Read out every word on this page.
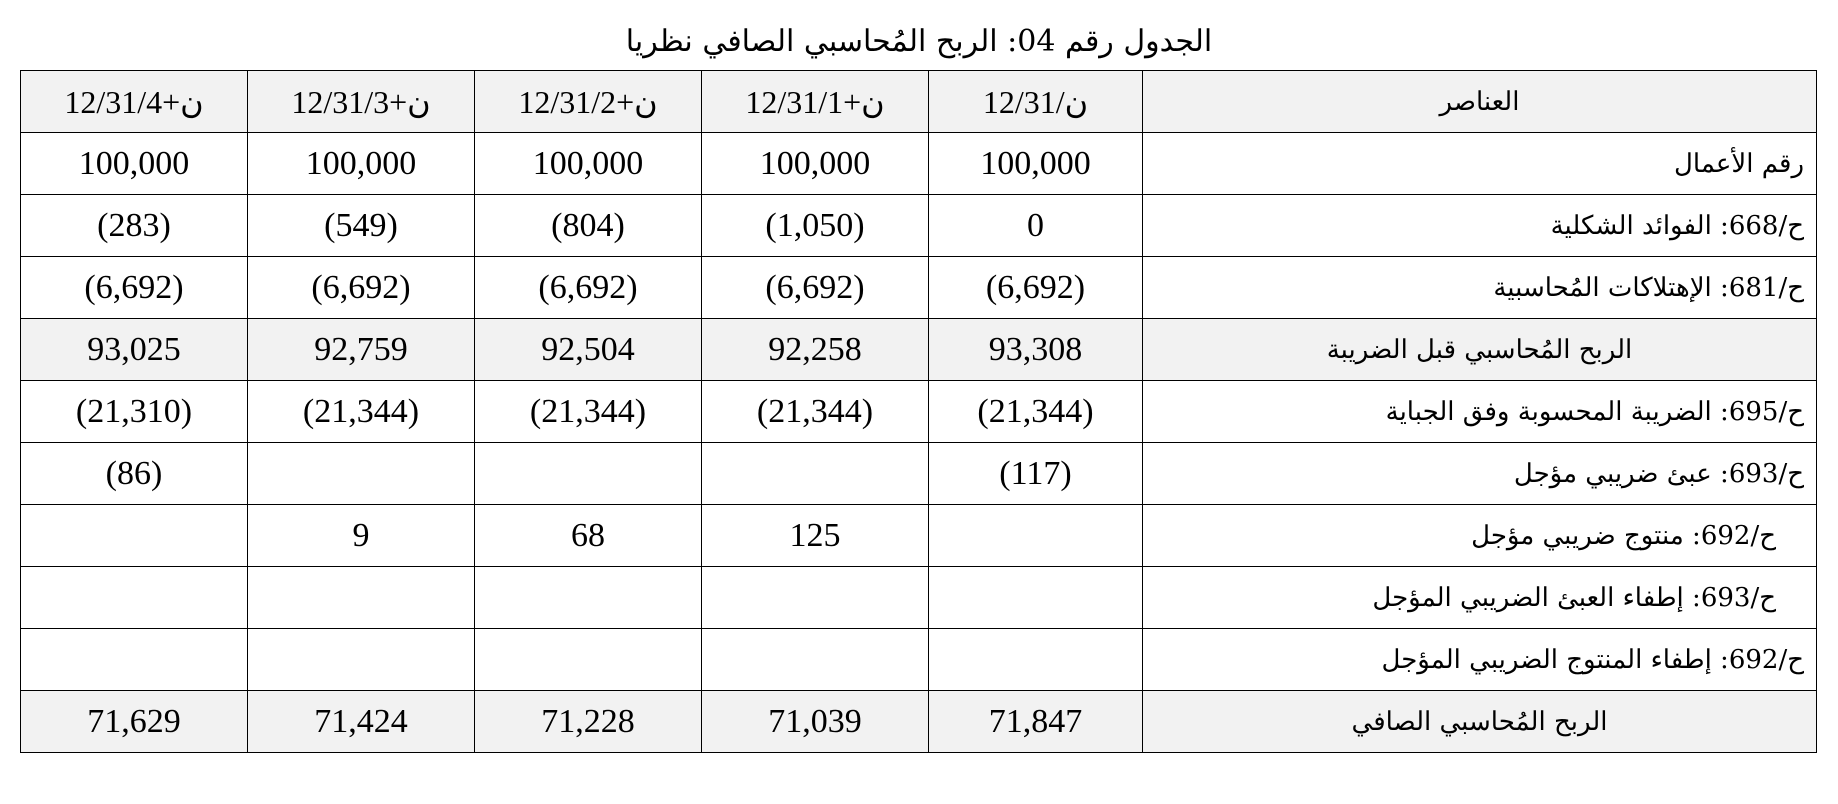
الجدول رقم 04: الربح المُحاسبي الصافي نظريا
12/31/ن+4	12/31/ن+3	12/31/ن+2	12/31/ن+1	12/31/ن	العناصر
100,000	100,000	100,000	100,000	100,000	رقم الأعمال
(283)	(549)	(804)	(1,050)	0	ح/668: الفوائد الشكلية
(6,692)	(6,692)	(6,692)	(6,692)	(6,692)	ح/681: الإهتلاكات المُحاسبية
93,025	92,759	92,504	92,258	93,308	الربح المُحاسبي قبل الضريبة
(21,310)	(21,344)	(21,344)	(21,344)	(21,344)	ح/695: الضريبة المحسوبة وفق الجباية
(86)				(117)	ح/693: عبئ ضريبي مؤجل
	9	68	125		ح/692: منتوج ضريبي مؤجل
					ح/693: إطفاء العبئ الضريبي المؤجل
					ح/692: إطفاء المنتوج الضريبي المؤجل
71,629	71,424	71,228	71,039	71,847	الربح المُحاسبي الصافي
